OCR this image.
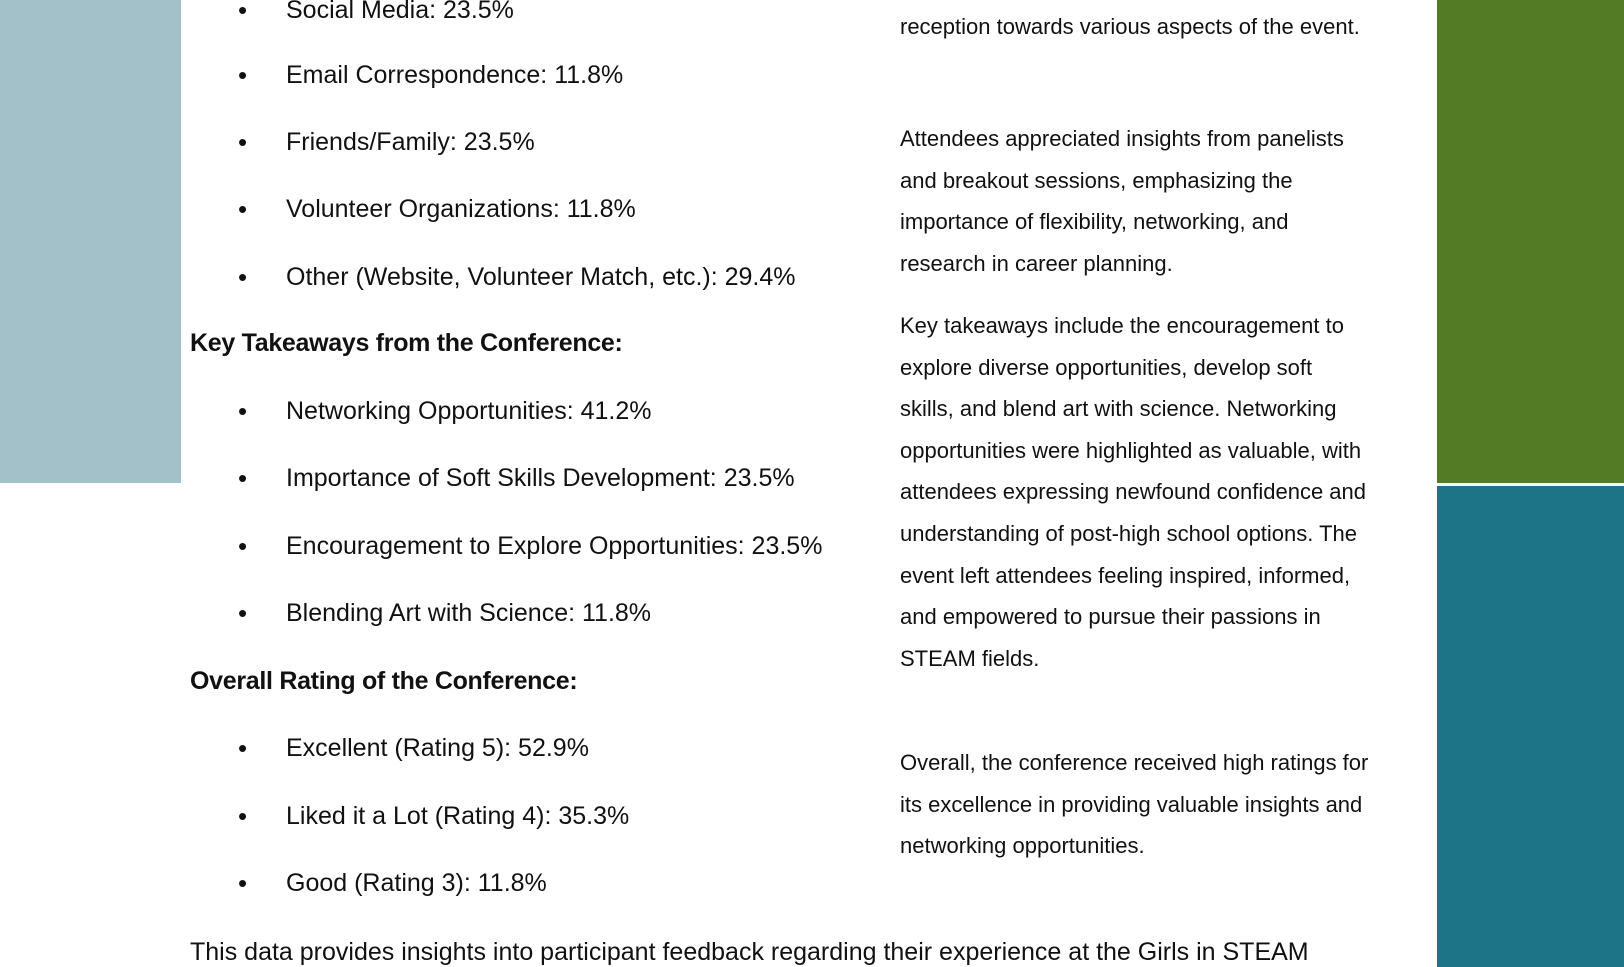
• Social Media: 23.5%
• Email Correspondence: 11.8%
• Friends/Family: 23.5%
• Volunteer Organizations: 11.8%
• Other (Website, Volunteer Match, etc.): 29.4%
Key Takeaways from the Conference:
• Networking Opportunities: 41.2%
• Importance of Soft Skills Development: 23.5%
• Encouragement to Explore Opportunities: 23.5%
• Blending Art with Science: 11.8%
Overall Rating of the Conference:
• Excellent (Rating 5): 52.9%
• Liked it a Lot (Rating 4): 35.3%
• Good (Rating 3): 11.8%

reception towards various aspects of the event.

Attendees appreciated insights from panelists and breakout sessions, emphasizing the importance of flexibility, networking, and research in career planning.

Key takeaways include the encouragement to explore diverse opportunities, develop soft skills, and blend art with science. Networking opportunities were highlighted as valuable, with attendees expressing newfound confidence and understanding of post-high school options. The event left attendees feeling inspired, informed, and empowered to pursue their passions in STEAM fields.

Overall, the conference received high ratings for its excellence in providing valuable insights and networking opportunities.

This data provides insights into participant feedback regarding their experience at the Girls in STEAM
